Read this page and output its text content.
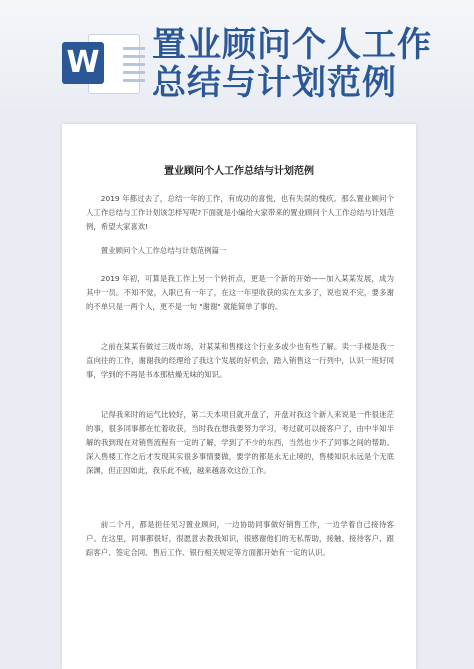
W 置业顾问个人工作
总结与计划范例
置业顾问个人工作总结与计划范例

2019 年都过去了，总结一年的工作，有成功的喜悦，也有失误的愧疚。那么置业顾问个人工作总结与工作计划该怎样写呢?下面就是小编给大家带来的置业顾问个人工作总结与计划范例，希望大家喜欢!

置业顾问个人工作总结与计划范例篇一

2019 年初，可算是我工作上另一个转折点，更是一个新的开始——加入某某发展，成为其中一员。不知不觉，入职已有一年了，在这一年里收获的实在太多了，说也说不完，要多谢的不单只是一两个人，更不是一句 "谢谢" 就能简单了事的。

之前在某某有做过三级市场，对某某和售楼这个行业多或少也有些了解。卖一手楼是我一直向往的工作，谢谢我的经理给了我这个发展的好机会，踏入销售这一行列中，认识一班好同事，学到的不再是书本那枯燥无味的知识。

记得我来时的运气比较好，第二天本项目就开盘了，开盘对我这个新人来说是一件很迷茫的事，很多同事都在忙着收获，当时我在想我要努力学习，考过就可以接客户了，由中半知半解的我到现在对销售流程有一定的了解，学到了不少的东西，当然也少不了同事之间的帮助。深入售楼工作之后才发现其实很多事情要做，要学的都是永无止境的，售楼知识永远是个无底深渊，但正因如此，我乐此不疲，越来越喜欢这份工作。

前二个月，都是担任见习置业顾问，一边协助同事做好销售工作，一边学着自己接待客户。在这里，同事都很好，很愿意去教我知识，很感谢他们的无私帮助，接触、接待客户、跟踪客户、签定合同、售后工作、银行相关规定等方面都开始有一定的认识。
